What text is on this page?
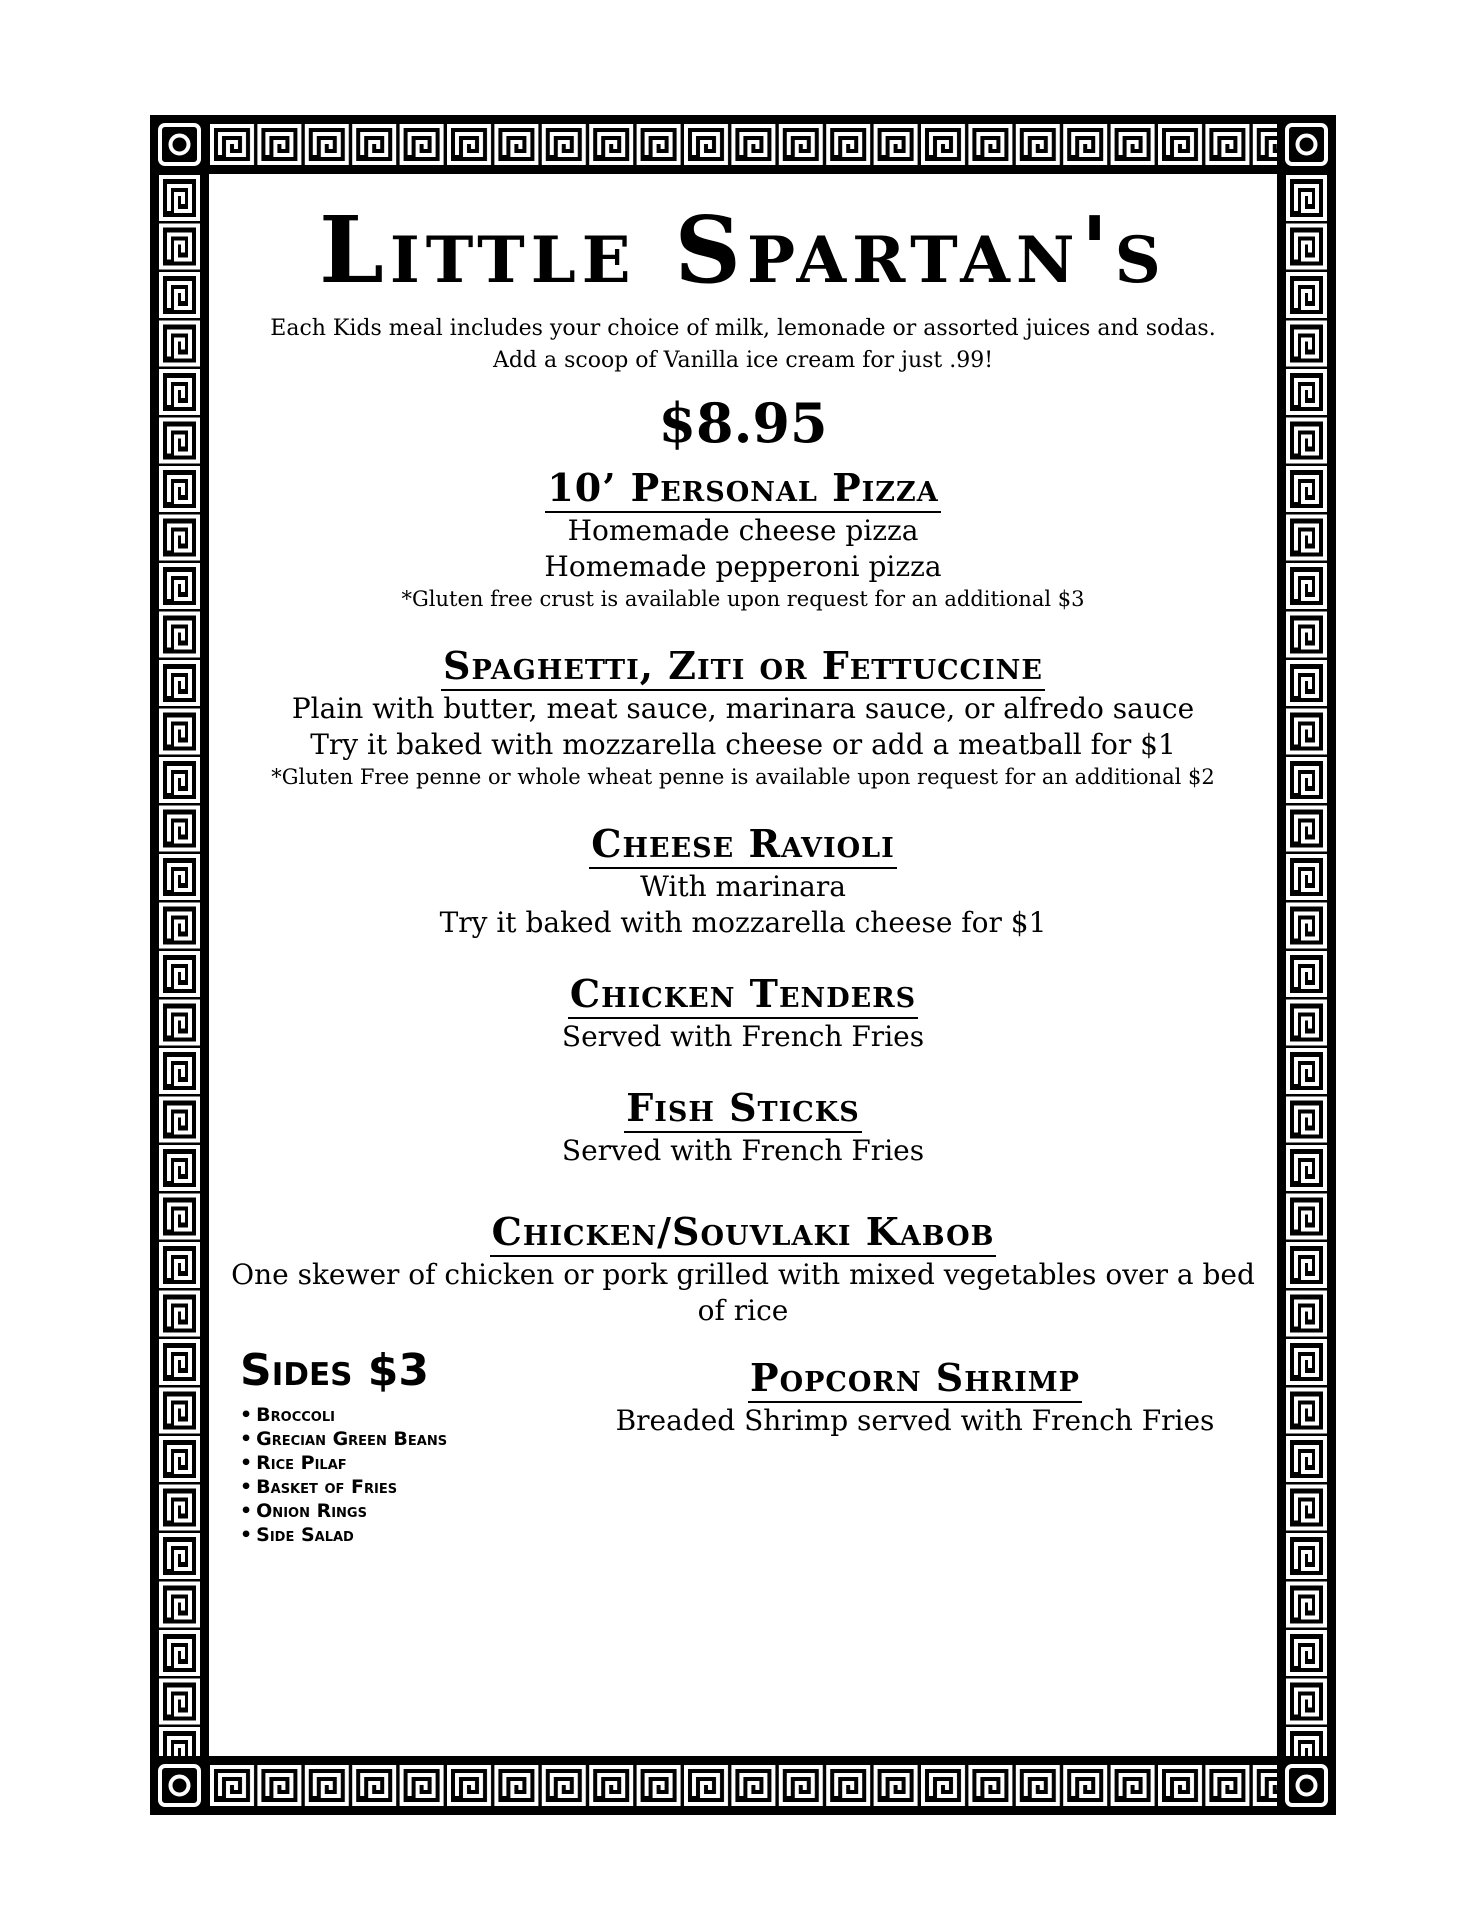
Little Spartan's
Each Kids meal includes your choice of milk, lemonade or assorted juices and sodas.
Add a scoop of Vanilla ice cream for just .99!
$8.95
10’ Personal Pizza
Homemade cheese pizza
Homemade pepperoni pizza
*Gluten free crust is available upon request for an additional $3
Spaghetti, Ziti or Fettuccine
Plain with butter, meat sauce, marinara sauce, or alfredo sauce
Try it baked with mozzarella cheese or add a meatball for $1
*Gluten Free penne or whole wheat penne is available upon request for an additional $2
Cheese Ravioli
With marinara
Try it baked with mozzarella cheese for $1
Chicken Tenders
Served with French Fries
Fish Sticks
Served with French Fries
Chicken/Souvlaki Kabob
One skewer of chicken or pork grilled with mixed vegetables over a bed of rice
Sides $3
• Broccoli
• Grecian Green Beans
• Rice Pilaf
• Basket of Fries
• Onion Rings
• Side Salad
Popcorn Shrimp
Breaded Shrimp served with French Fries
